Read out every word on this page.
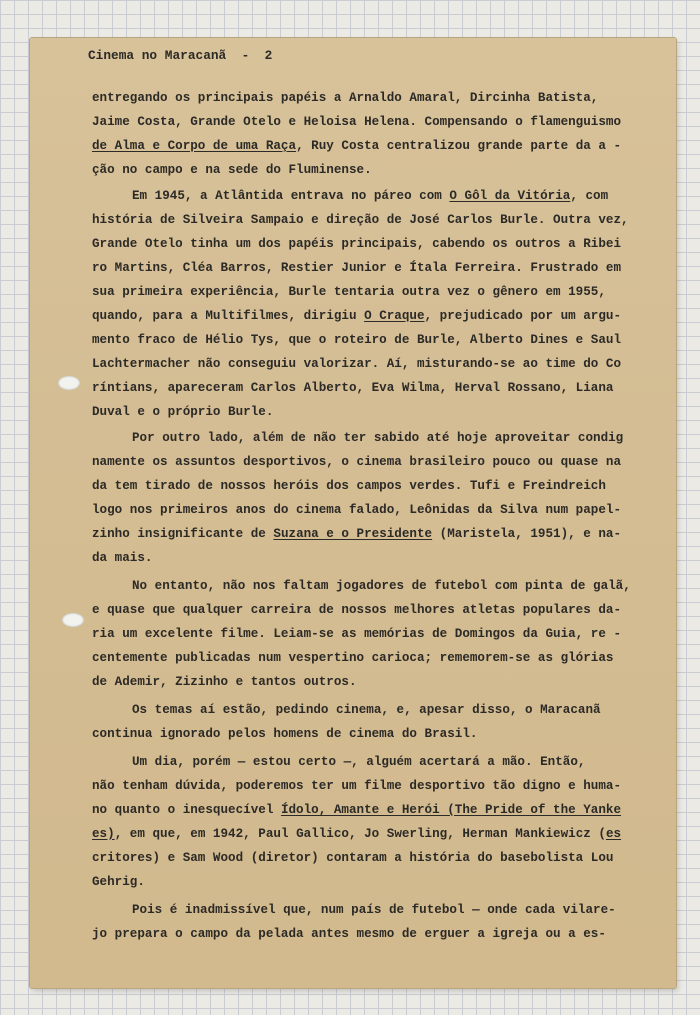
Cinema no Maracanã  -  2
entregando os principais papéis a Arnaldo Amaral, Dircinha Batista,
Jaime Costa, Grande Otelo e Heloisa Helena. Compensando o flamenguismo
de Alma e Corpo de uma Raça, Ruy Costa centralizou grande parte da a -
ção no campo e na sede do Fluminense.
Em 1945, a Atlântida entrava no páreo com O Gôl da Vitória, com
história de Silveira Sampaio e direção de José Carlos Burle. Outra vez,
Grande Otelo tinha um dos papéis principais, cabendo os outros a Ribei
ro Martins, Cléa Barros, Restier Junior e Ítala Ferreira. Frustrado em
sua primeira experiência, Burle tentaria outra vez o gênero em 1955,
quando, para a Multifilmes, dirigiu O Craque, prejudicado por um argu-
mento fraco de Hélio Tys, que o roteiro de Burle, Alberto Dines e Saul
Lachtermacher não conseguiu valorizar. Aí, misturando-se ao time do Co
ríntians, apareceram Carlos Alberto, Eva Wilma, Herval Rossano, Liana
Duval e o próprio Burle.
Por outro lado, além de não ter sabido até hoje aproveitar condig
namente os assuntos desportivos, o cinema brasileiro pouco ou quase na
da tem tirado de nossos heróis dos campos verdes. Tufi e Freindreich
logo nos primeiros anos do cinema falado, Leônidas da Silva num papel-
zinho insignificante de Suzana e o Presidente (Maristela, 1951), e na-
da mais.
No entanto, não nos faltam jogadores de futebol com pinta de galã,
e quase que qualquer carreira de nossos melhores atletas populares da-
ria um excelente filme. Leiam-se as memórias de Domingos da Guia, re -
centemente publicadas num vespertino carioca; rememorem-se as glórias
de Ademir, Zizinho e tantos outros.
Os temas aí estão, pedindo cinema, e, apesar disso, o Maracanã
continua ignorado pelos homens de cinema do Brasil.
Um dia, porém — estou certo —, alguém acertará a mão. Então,
não tenham dúvida, poderemos ter um filme desportivo tão digno e huma-
no quanto o inesquecível Ídolo, Amante e Herói (The Pride of the Yanke
es), em que, em 1942, Paul Gallico, Jo Swerling, Herman Mankiewicz (es
critores) e Sam Wood (diretor) contaram a história do basebolista Lou
Gehrig.
Pois é inadmissível que, num país de futebol — onde cada vilare-
jo prepara o campo da pelada antes mesmo de erguer a igreja ou a es-
